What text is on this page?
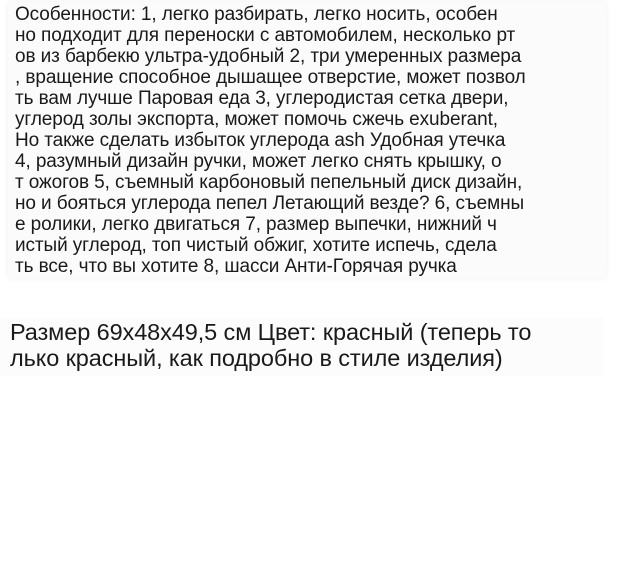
Особенности: 1, легко разбирать, легко носить, особен
но подходит для переноски с автомобилем, несколько рт
ов из барбекю ультра-удобный 2, три умеренных размера
, вращение способное дышащее отверстие, может позвол
ть вам лучше Паровая еда 3, углеродистая сетка двери,
углерод золы экспорта, может помочь сжечь exuberant,
Но также сделать избыток углерода ash Удобная утечка
4, разумный дизайн ручки, может легко снять крышку, о
т ожогов 5, съемный карбоновый пепельный диск дизайн,
но и бояться углерода пепел Летающий везде? 6, съемны
е ролики, легко двигаться 7, размер выпечки, нижний ч
истый углерод, топ чистый обжиг, хотите испечь, сдела
ть все, что вы хотите 8, шасси Анти-Горячая ручка
Размер 69x48x49,5 см Цвет: красный (теперь то
лько красный, как подробно в стиле изделия)
